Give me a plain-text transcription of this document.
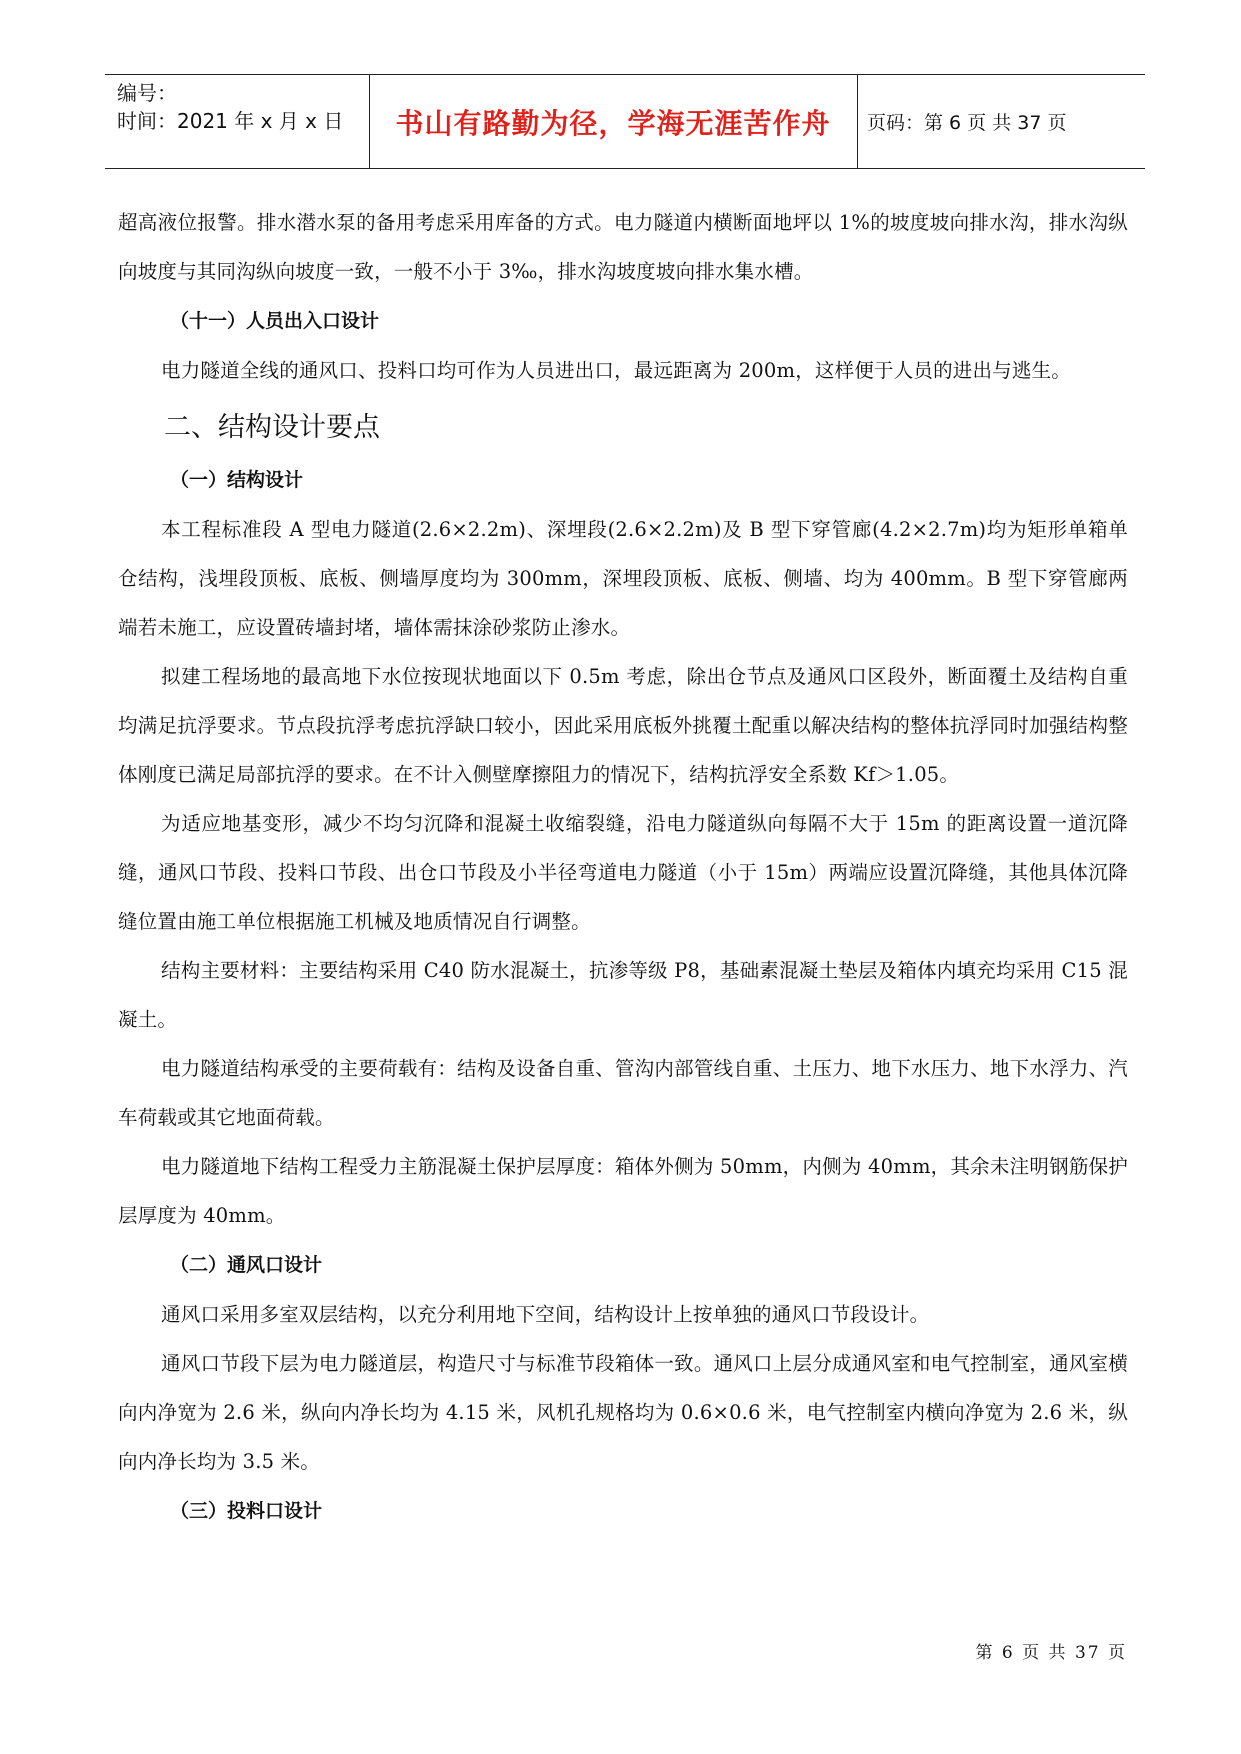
编号：
时间：2021 年 x 月 x 日	书山有路勤为径，学海无涯苦作舟	页码：第 6 页 共 37 页

超高液位报警。排水潜水泵的备用考虑采用库备的方式。电力隧道内横断面地坪以 1%的坡度坡向排水沟，排水沟纵向坡度与其同沟纵向坡度一致，一般不小于 3‰，排水沟坡度坡向排水集水槽。

（十一）人员出入口设计

电力隧道全线的通风口、投料口均可作为人员进出口，最远距离为 200m，这样便于人员的进出与逃生。

二、结构设计要点
（一）结构设计

本工程标准段 A 型电力隧道(2.6×2.2m)、深埋段(2.6×2.2m)及 B 型下穿管廊(4.2×2.7m)均为矩形单箱单仓结构，浅埋段顶板、底板、侧墙厚度均为 300mm，深埋段顶板、底板、侧墙、均为 400mm。B 型下穿管廊两端若未施工，应设置砖墙封堵，墙体需抹涂砂浆防止渗水。

拟建工程场地的最高地下水位按现状地面以下 0.5m 考虑，除出仓节点及通风口区段外，断面覆土及结构自重均满足抗浮要求。节点段抗浮考虑抗浮缺口较小，因此采用底板外挑覆土配重以解决结构的整体抗浮同时加强结构整体刚度已满足局部抗浮的要求。在不计入侧壁摩擦阻力的情况下，结构抗浮安全系数 Kf＞1.05。

为适应地基变形，减少不均匀沉降和混凝土收缩裂缝，沿电力隧道纵向每隔不大于 15m 的距离设置一道沉降缝，通风口节段、投料口节段、出仓口节段及小半径弯道电力隧道（小于 15m）两端应设置沉降缝，其他具体沉降缝位置由施工单位根据施工机械及地质情况自行调整。

结构主要材料：主要结构采用 C40 防水混凝土，抗渗等级 P8，基础素混凝土垫层及箱体内填充均采用 C15 混凝土。

电力隧道结构承受的主要荷载有：结构及设备自重、管沟内部管线自重、土压力、地下水压力、地下水浮力、汽车荷载或其它地面荷载。

电力隧道地下结构工程受力主筋混凝土保护层厚度：箱体外侧为 50mm，内侧为 40mm，其余未注明钢筋保护层厚度为 40mm。

（二）通风口设计

通风口采用多室双层结构，以充分利用地下空间，结构设计上按单独的通风口节段设计。

通风口节段下层为电力隧道层，构造尺寸与标准节段箱体一致。通风口上层分成通风室和电气控制室，通风室横向内净宽为 2.6 米，纵向内净长均为 4.15 米，风机孔规格均为 0.6×0.6 米，电气控制室内横向净宽为 2.6 米，纵向内净长均为 3.5 米。

（三）投料口设计
第 6 页 共 37 页
